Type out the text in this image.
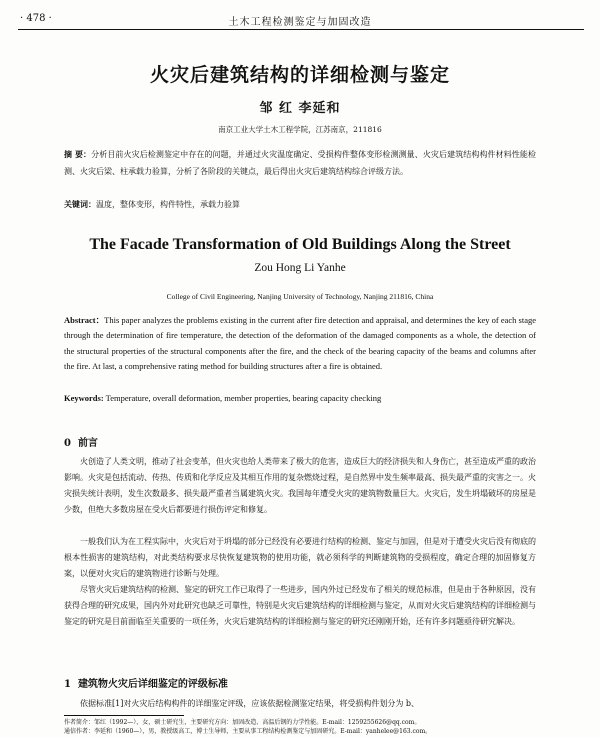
· 478 ·	土木工程检测鉴定与加固改造
火灾后建筑结构的详细检测与鉴定
邹 红 李延和
南京工业大学土木工程学院，江苏南京，211816
摘 要：分析目前火灾后检测鉴定中存在的问题，并通过火灾温度确定、受损构件整体变形检测测量、火灾后建筑结构构件材料性能检测、火灾后梁、柱承载力验算，分析了各阶段的关键点，最后得出火灾后建筑结构综合评级方法。
关键词：温度，整体变形，构件特性，承载力验算
The Facade Transformation of Old Buildings Along the Street
Zou Hong Li Yanhe
College of Civil Engineering, Nanjing University of Technology, Nanjing 211816, China
Abstract：This paper analyzes the problems existing in the current after fire detection and appraisal, and determines the key of each stage through the determination of fire temperature, the detection of the deformation of the damaged components as a whole, the detection of the structural properties of the structural components after the fire, and the check of the bearing capacity of the beams and columns after the fire. At last, a comprehensive rating method for building structures after a fire is obtained.
Keywords: Temperature, overall deformation, member properties, bearing capacity checking
0 前言
火创造了人类文明，推动了社会变革，但火灾也给人类带来了极大的危害，造成巨大的经济损失和人身伤亡，甚至造成严重的政治影响。火灾是包括流动、传热、传质和化学反应及其相互作用的复杂燃烧过程，是自然界中发生频率最高、损失最严重的灾害之一。火灾损失统计表明，发生次数最多、损失最严重者当属建筑火灾。我国每年遭受火灾的建筑物数量巨大。火灾后，发生坍塌破坏的房屋是少数，但绝大多数房屋在受火后都要进行损伤评定和修复。
一般我们认为在工程实际中，火灾后对于坍塌的部分已经没有必要进行结构的检测、鉴定与加固，但是对于遭受火灾后没有彻底的根本性损害的建筑结构，对此类结构要求尽快恢复建筑物的使用功能，就必须科学的判断建筑物的受损程度，确定合理的加固修复方案，以便对火灾后的建筑物进行诊断与处理。
尽管火灾后建筑结构的检测、鉴定的研究工作已取得了一些进步，国内外过已经发布了相关的规范标准，但是由于各种原因，没有获得合理的研究成果，国内外对此研究也缺乏可靠性，特别是火灾后建筑结构的详细检测与鉴定，从而对火灾后建筑结构的详细检测与鉴定的研究是目前面临至关重要的一项任务，火灾后建筑结构的详细检测与鉴定的研究还刚刚开始，还有许多问题亟待研究解决。
1 建筑物火灾后详细鉴定的评级标准
依据标准[1]对火灾后结构构件的详细鉴定评级，应该依据检测鉴定结果，将受损构件划分为 b、
作者简介：邹红（1992—），女，硕士研究生，主要研究方向：加固改造、高温后钢的力学性能。E-mail：1259255626@qq.com。
通信作者：李延和（1960—），男，教授级高工，博士生导师，主要从事工程结构检测鉴定与加固研究。E-mail：yanhelee@163.com。
